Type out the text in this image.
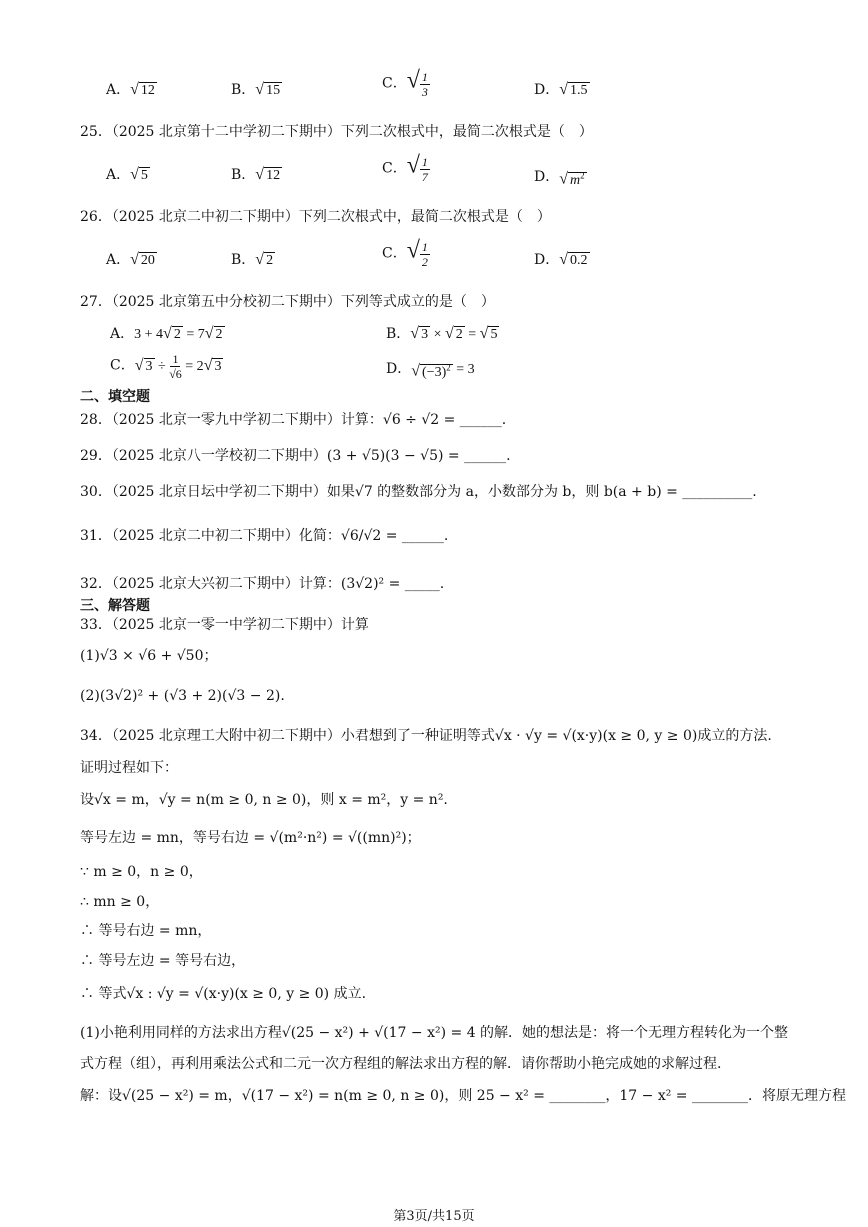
A．√ 12	B．√ 15	C．√ $\frac{1}{3}$	D．√ 1.5
25．（2025 北京第十二中学初二下期中）下列二次根式中，最简二次根式是（　）
A．√ 5	B．√ 12	C．√ $\frac{1}{7}$	D．√ $m^2$
26．（2025 北京二中初二下期中）下列二次根式中，最简二次根式是（　）
A．√ 20	B．√ 2	C．√ $\frac{1}{2}$	D．√ 0.2
27．（2025 北京第五中分校初二下期中）下列等式成立的是（　）
A．3 + 4√ 2 = 7√ 2	B．√ 3 × √ 2 = √ 5
C．√ $3 \div \frac{1}{√6} = 2√$ 3	D．√ $(-3)^2 = 3$
二、填空题
28．（2025 北京一零九中学初二下期中）计算：√6 ÷ √2 = ______.
29．（2025 北京八一学校初二下期中）(3 + √5)(3 − √5) = ______.
30．（2025 北京日坛中学初二下期中）如果√7 的整数部分为 a，小数部分为 b，则 b(a + b) = __________.
31．（2025 北京二中初二下期中）化简：√6/√2 = ______.
32．（2025 北京大兴初二下期中）计算：(3√2)² = _____.
三、解答题
33．（2025 北京一零一中学初二下期中）计算
(1)√3 × √6 + √50；
(2)(3√2)² + (√3 + 2)(√3 − 2).
34．（2025 北京理工大附中初二下期中）小君想到了一种证明等式√x · √y = √(x·y)(x ≥ 0, y ≥ 0)成立的方法.
证明过程如下：
设√x = m，√y = n(m ≥ 0, n ≥ 0)，则 x = m²，y = n².
等号左边 = mn，等号右边 = √(m²·n²) = √((mn)²)；
∵ m ≥ 0，n ≥ 0，
∴ mn ≥ 0，
∴ 等号右边 = mn，
∴ 等号左边 = 等号右边，
∴ 等式√x : √y = √(x·y)(x ≥ 0, y ≥ 0) 成立.
(1)小艳利用同样的方法求出方程√(25 − x²) + √(17 − x²) = 4 的解．她的想法是：将一个无理方程转化为一个整
式方程（组），再利用乘法公式和二元一次方程组的解法求出方程的解．请你帮助小艳完成她的求解过程.
解：设√(25 − x²) = m，√(17 − x²) = n(m ≥ 0, n ≥ 0)，则 25 − x² = ________，17 − x² = ________．将原无理方程
第3页/共15页
